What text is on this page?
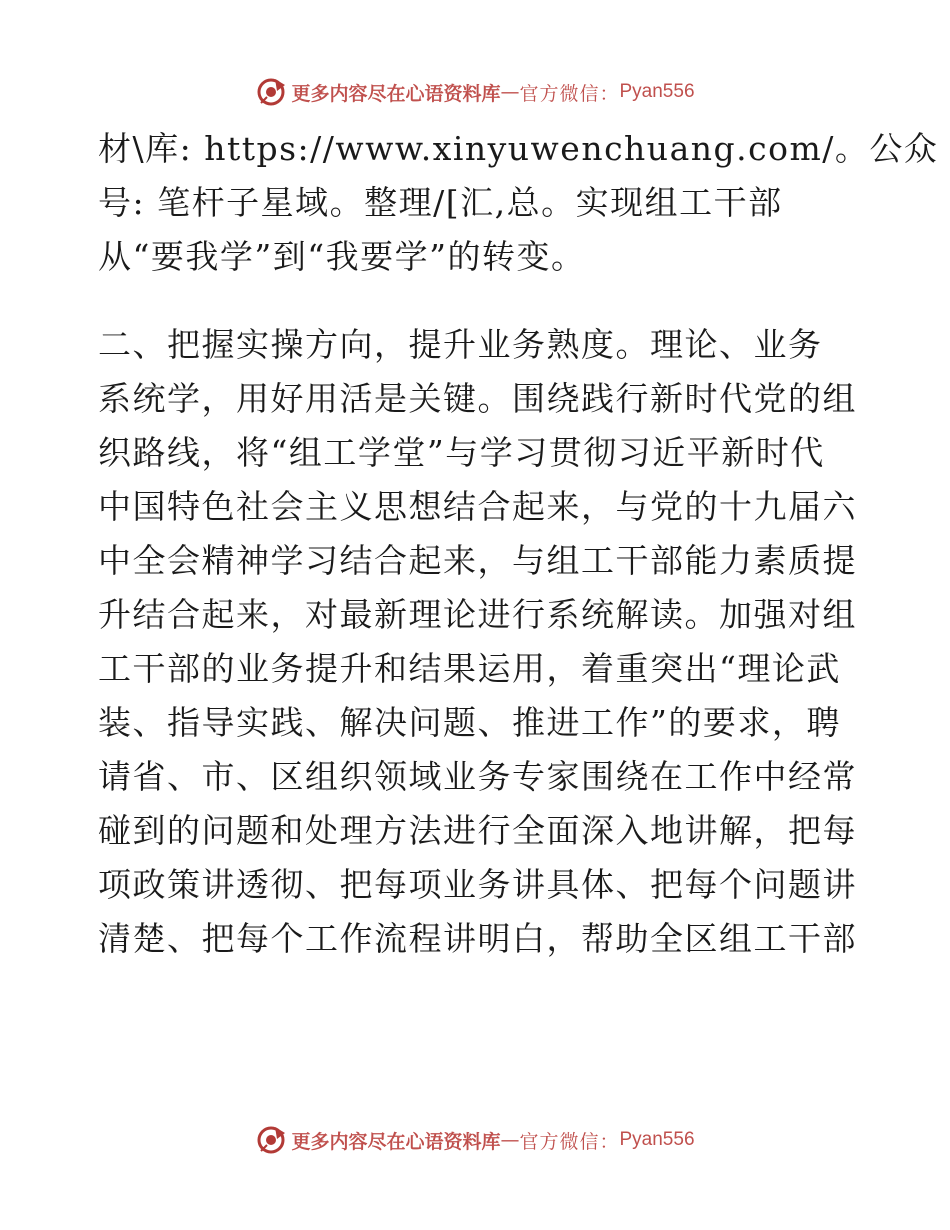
更多内容尽在心语资料库 — 官方微信： Pyan556
材\库: https://www.xinyuwenchuang.com/。公众
号: 笔杆子星域。整理/[汇,总。实现组工干部
从“要我学”到“我要学”的转变。
二、把握实操方向，提升业务熟度。理论、业务
系统学，用好用活是关键。围绕践行新时代党的组
织路线，将“组工学堂”与学习贯彻习近平新时代
中国特色社会主义思想结合起来，与党的十九届六
中全会精神学习结合起来，与组工干部能力素质提
升结合起来，对最新理论进行系统解读。加强对组
工干部的业务提升和结果运用，着重突出“理论武
装、指导实践、解决问题、推进工作”的要求，聘
请省、市、区组织领域业务专家围绕在工作中经常
碰到的问题和处理方法进行全面深入地讲解，把每
项政策讲透彻、把每项业务讲具体、把每个问题讲
清楚、把每个工作流程讲明白，帮助全区组工干部
更多内容尽在心语资料库 — 官方微信： Pyan556
